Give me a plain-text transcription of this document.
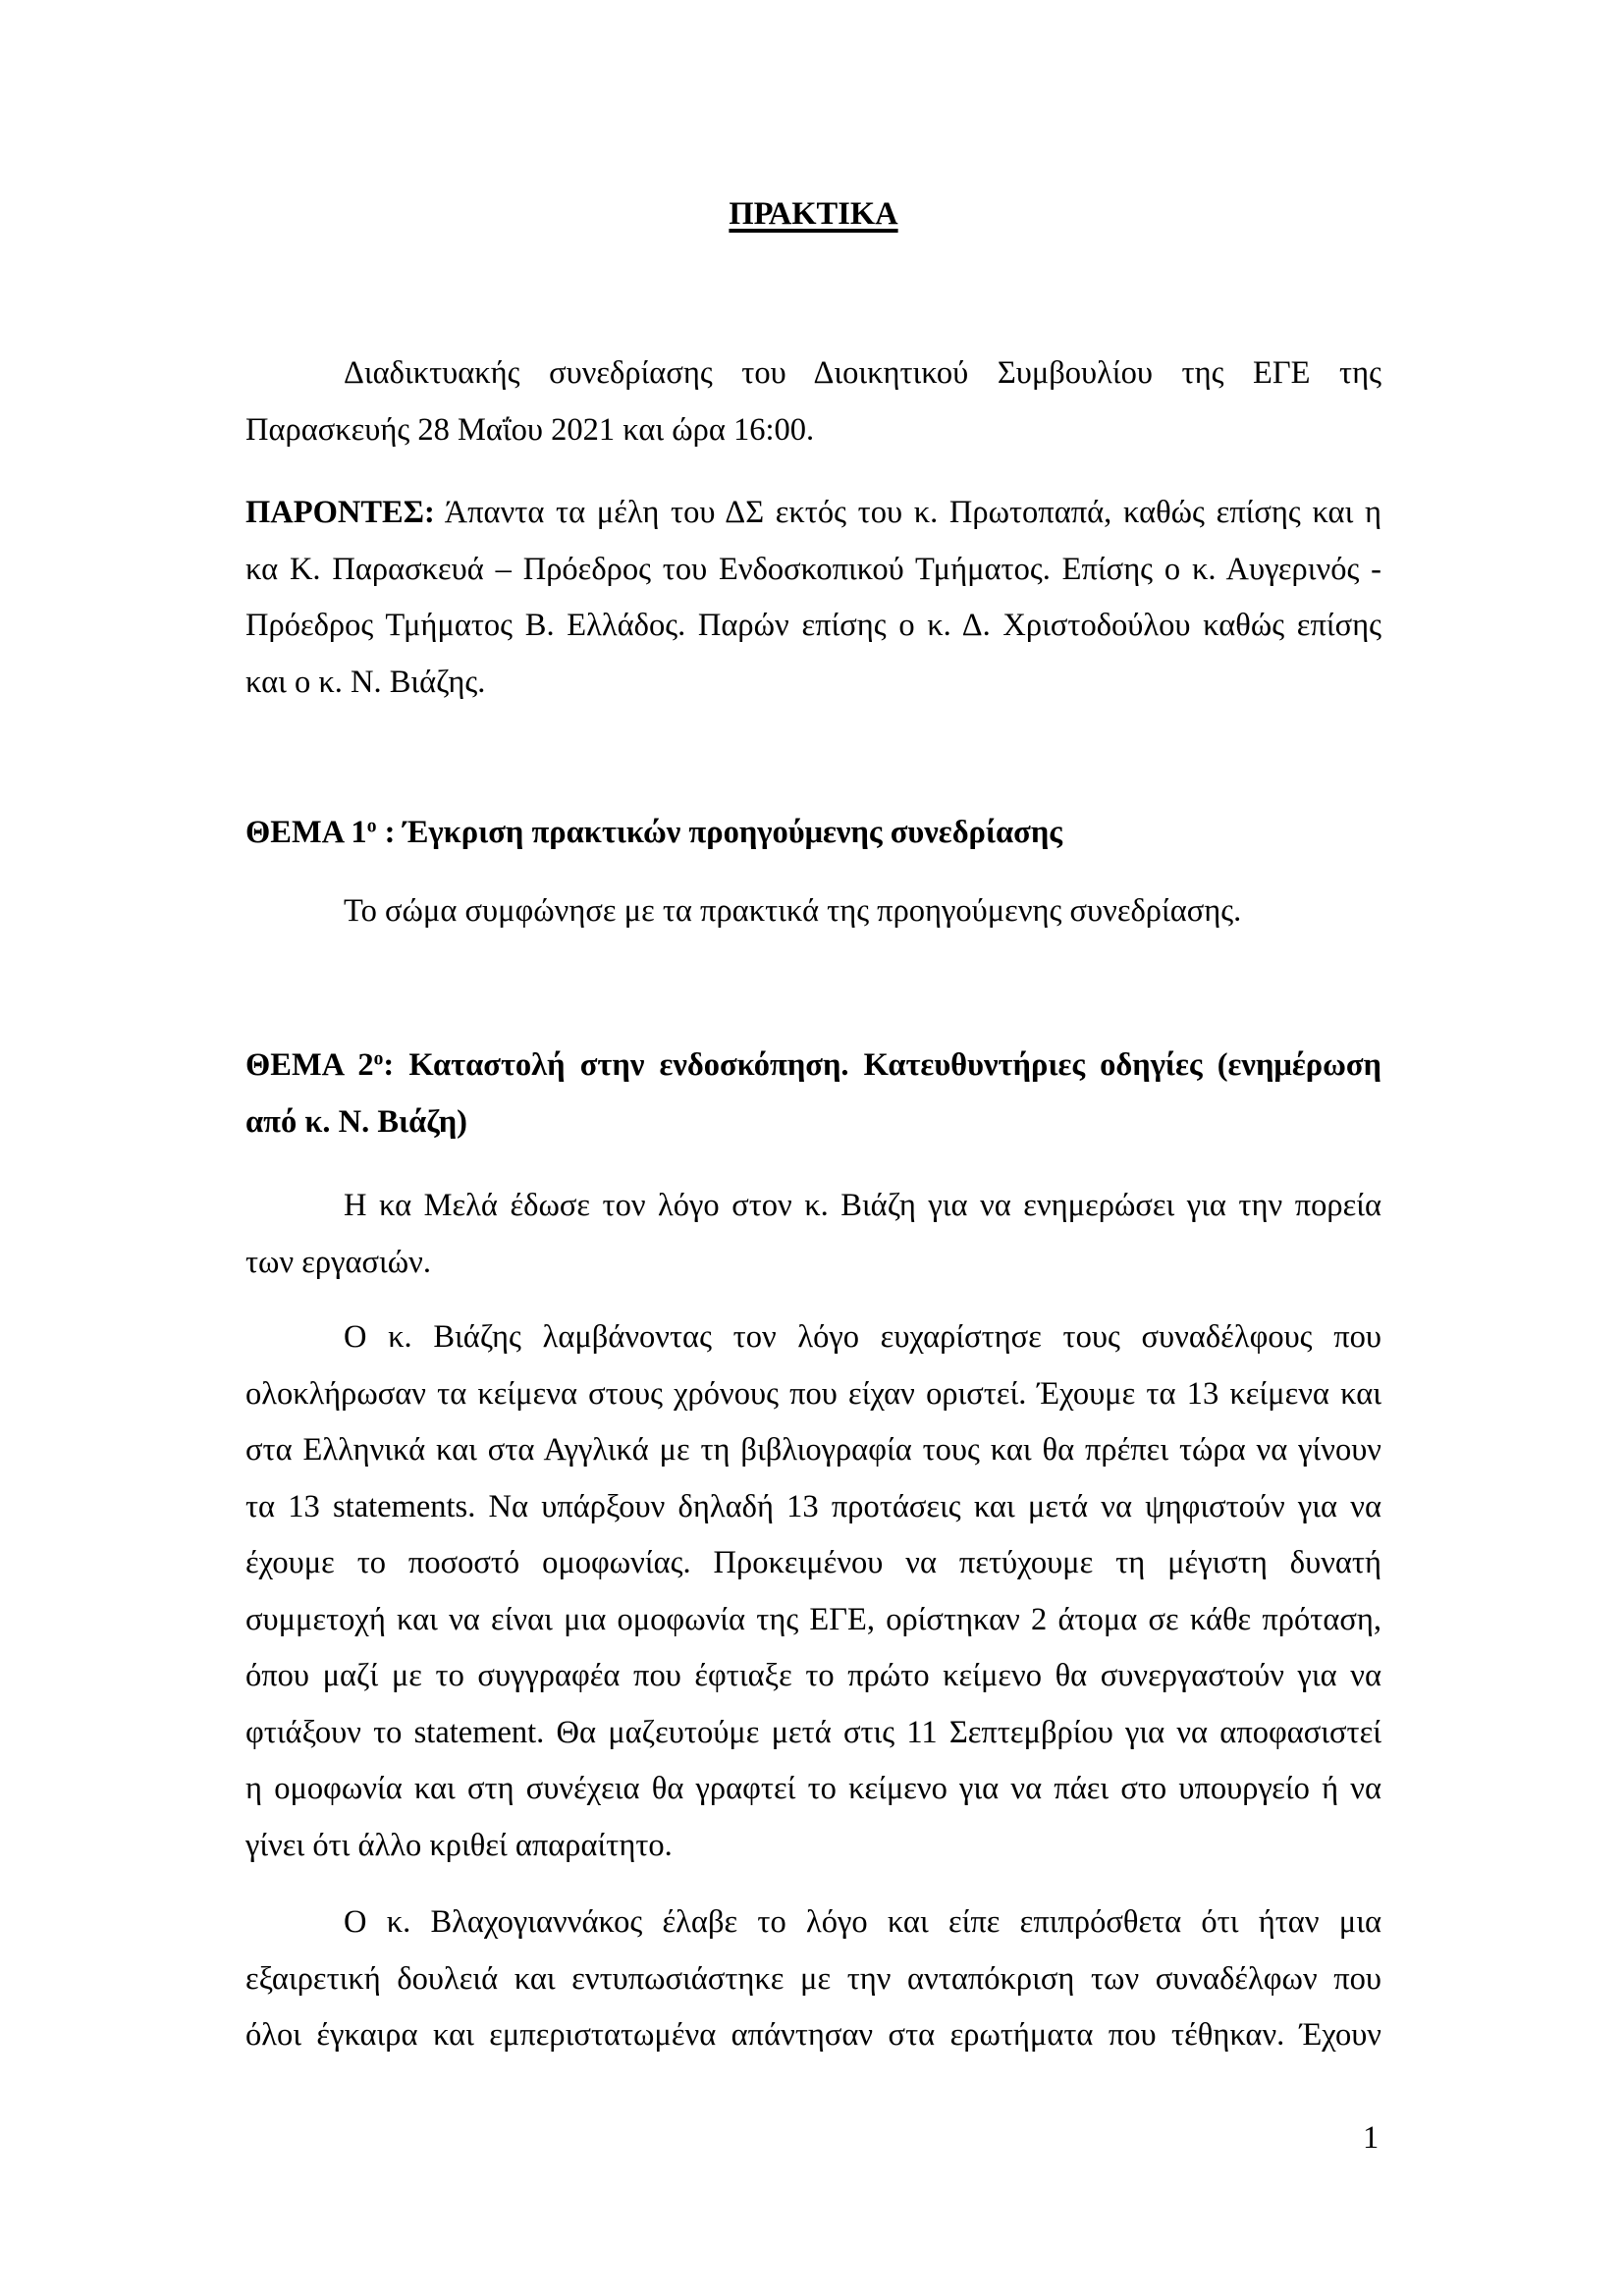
ΠΡΑΚΤΙΚΑ
Διαδικτυακής συνεδρίασης του Διοικητικού Συμβουλίου της ΕΓΕ της
Παρασκευής 28 Μαΐου 2021 και ώρα 16:00.
ΠΑΡΟΝΤΕΣ: Άπαντα τα μέλη του ΔΣ εκτός του κ. Πρωτοπαπά, καθώς επίσης και η
κα Κ. Παρασκευά – Πρόεδρος του Ενδοσκοπικού Τμήματος. Επίσης ο κ. Αυγερινός -
Πρόεδρος Τμήματος Β. Ελλάδος. Παρών επίσης ο κ. Δ. Χριστοδούλου καθώς επίσης
και ο κ. Ν. Βιάζης.
ΘΕΜΑ $1^o$ : Έγκριση πρακτικών προηγούμενης συνεδρίασης
Το σώμα συμφώνησε με τα πρακτικά της προηγούμενης συνεδρίασης.
ΘΕΜΑ $2^o$: Καταστολή στην ενδοσκόπηση. Κατευθυντήριες οδηγίες (ενημέρωση
από κ. Ν. Βιάζη)
Η κα Μελά έδωσε τον λόγο στον κ. Βιάζη για να ενημερώσει για την πορεία
των εργασιών.
Ο κ. Βιάζης λαμβάνοντας τον λόγο ευχαρίστησε τους συναδέλφους που
ολοκλήρωσαν τα κείμενα στους χρόνους που είχαν οριστεί. Έχουμε τα 13 κείμενα και
στα Ελληνικά και στα Αγγλικά με τη βιβλιογραφία τους και θα πρέπει τώρα να γίνουν
τα 13 statements. Να υπάρξουν δηλαδή 13 προτάσεις και μετά να ψηφιστούν για να
έχουμε το ποσοστό ομοφωνίας. Προκειμένου να πετύχουμε τη μέγιστη δυνατή
συμμετοχή και να είναι μια ομοφωνία της ΕΓΕ, ορίστηκαν 2 άτομα σε κάθε πρόταση,
όπου μαζί με το συγγραφέα που έφτιαξε το πρώτο κείμενο θα συνεργαστούν για να
φτιάξουν το statement. Θα μαζευτούμε μετά στις 11 Σεπτεμβρίου για να αποφασιστεί
η ομοφωνία και στη συνέχεια θα γραφτεί το κείμενο για να πάει στο υπουργείο ή να
γίνει ότι άλλο κριθεί απαραίτητο.
Ο κ. Βλαχογιαννάκος έλαβε το λόγο και είπε επιπρόσθετα ότι ήταν μια
εξαιρετική δουλειά και εντυπωσιάστηκε με την ανταπόκριση των συναδέλφων που
όλοι έγκαιρα και εμπεριστατωμένα απάντησαν στα ερωτήματα που τέθηκαν. Έχουν
1
